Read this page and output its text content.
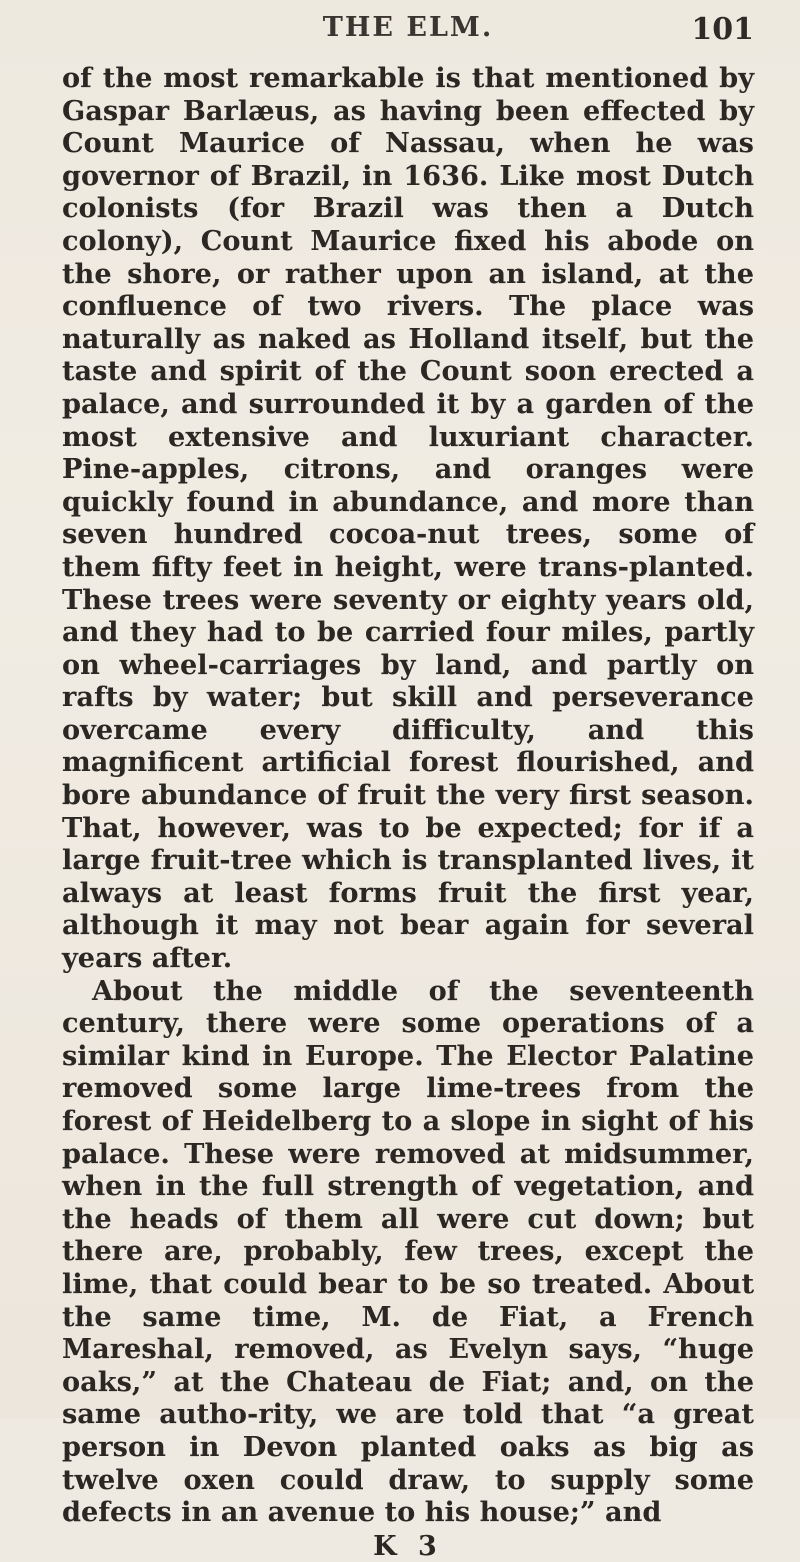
THE ELM.	101

of the most remarkable is that mentioned by Gaspar Barlæus, as having been effected by Count Maurice of Nassau, when he was governor of Brazil, in 1636. Like most Dutch colonists (for Brazil was then a Dutch colony), Count Maurice fixed his abode on the shore, or rather upon an island, at the confluence of two rivers. The place was naturally as naked as Holland itself, but the taste and spirit of the Count soon erected a palace, and surrounded it by a garden of the most extensive and luxuriant character. Pine-apples, citrons, and oranges were quickly found in abundance, and more than seven hundred cocoa-nut trees, some of them fifty feet in height, were trans-planted. These trees were seventy or eighty years old, and they had to be carried four miles, partly on wheel-carriages by land, and partly on rafts by water; but skill and perseverance overcame every difficulty, and this magnificent artificial forest flourished, and bore abundance of fruit the very first season. That, however, was to be expected; for if a large fruit-tree which is transplanted lives, it always at least forms fruit the first year, although it may not bear again for several years after.

About the middle of the seventeenth century, there were some operations of a similar kind in Europe. The Elector Palatine removed some large lime-trees from the forest of Heidelberg to a slope in sight of his palace. These were removed at midsummer, when in the full strength of vegetation, and the heads of them all were cut down; but there are, probably, few trees, except the lime, that could bear to be so treated. About the same time, M. de Fiat, a French Mareshal, removed, as Evelyn says, “huge oaks,” at the Chateau de Fiat; and, on the same autho-rity, we are told that “a great person in Devon planted oaks as big as twelve oxen could draw, to supply some defects in an avenue to his house;” and

K 3
